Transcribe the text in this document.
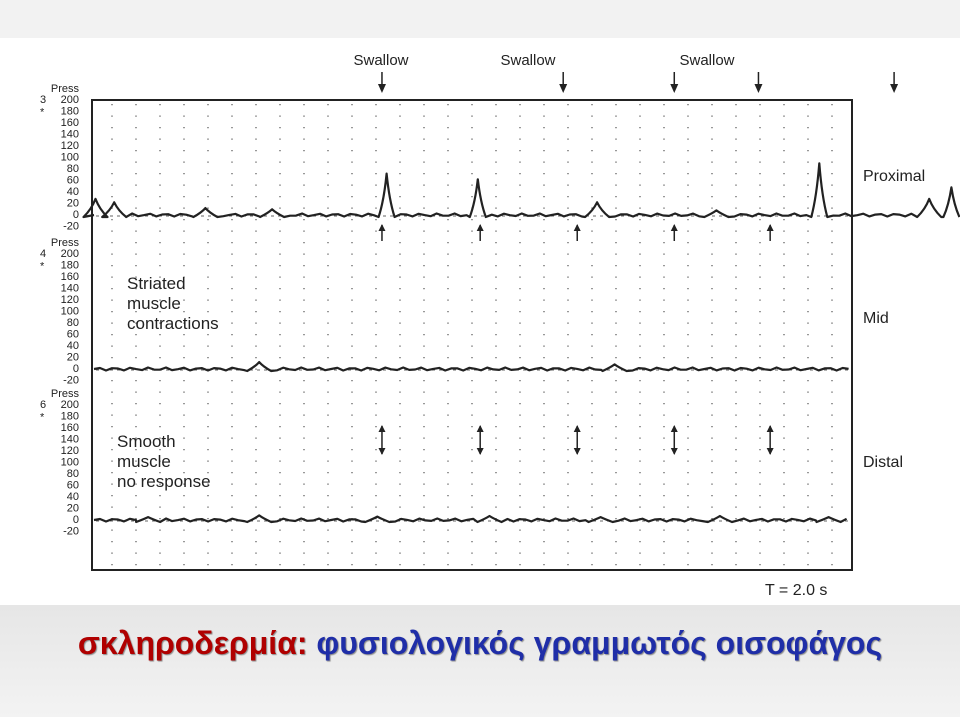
Press
3 200
180
*
160
140
120
100
80
60
40
20
0
-20
Press
4 200
180
*
160
140
120
100
80
60
40
20
0
-20
Press
6 200
180
*
160
140
120
100
80
60
40
20
0
-20
Swallow	Swallow	Swallow
Proximal
Mid
Distal
Striated
muscle
contractions
Smooth
muscle
no response
T = 2.0 s
σκληροδερμία: φυσιολογικός γραμμωτός οισοφάγος
